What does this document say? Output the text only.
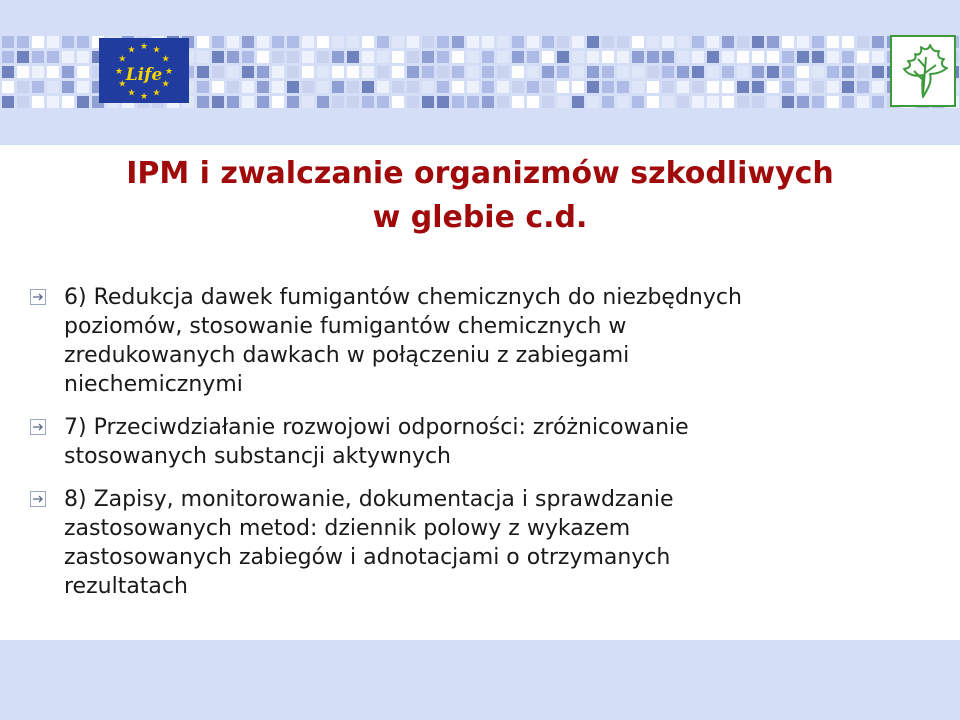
★ ★
★
★
★
★
★
★
★
★
★
★
Life
IPM i zwalczanie organizmów szkodliwych
w glebie c.d.
6) Redukcja dawek fumigantów chemicznych do niezbędnych
poziomów, stosowanie fumigantów chemicznych w
zredukowanych dawkach w połączeniu z zabiegami
niechemicznymi
7) Przeciwdziałanie rozwojowi odporności: zróżnicowanie
stosowanych substancji aktywnych
8) Zapisy, monitorowanie, dokumentacja i sprawdzanie
zastosowanych metod: dziennik polowy z wykazem
zastosowanych zabiegów i adnotacjami o otrzymanych
rezultatach
